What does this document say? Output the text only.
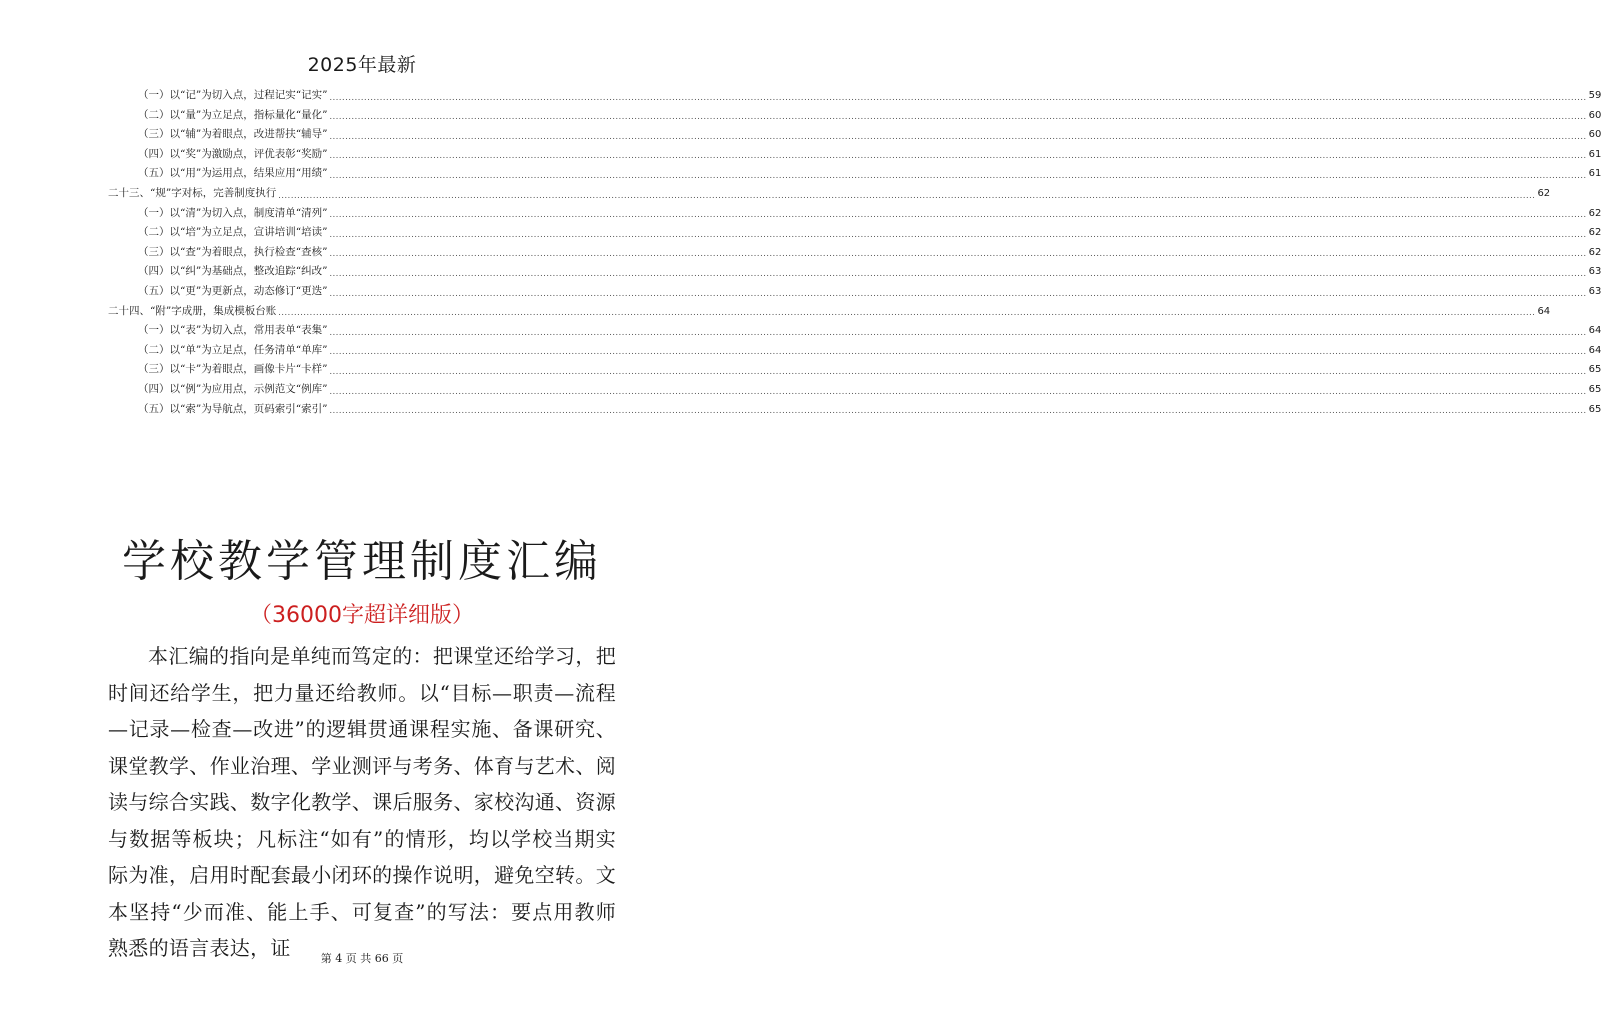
2025年最新
（一）以“记”为切入点，过程记实“记实” ................................................................................................................................................................................................................................................................................................................................................................................................................ 59
（二）以“量”为立足点，指标量化“量化” ................................................................................................................................................................................................................................................................................................................................................................................................................ 60
（三）以“辅”为着眼点，改进帮扶“辅导” ................................................................................................................................................................................................................................................................................................................................................................................................................ 60
（四）以“奖”为激励点，评优表彰“奖励” ................................................................................................................................................................................................................................................................................................................................................................................................................ 61
（五）以“用”为运用点，结果应用“用绩” ................................................................................................................................................................................................................................................................................................................................................................................................................ 61
二十三、“规”字对标，完善制度执行 ................................................................................................................................................................................................................................................................................................................................................................................................................ 62
（一）以“清”为切入点，制度清单“清列” ................................................................................................................................................................................................................................................................................................................................................................................................................ 62
（二）以“培”为立足点，宣讲培训“培读” ................................................................................................................................................................................................................................................................................................................................................................................................................ 62
（三）以“查”为着眼点，执行检查“查核” ................................................................................................................................................................................................................................................................................................................................................................................................................ 62
（四）以“纠”为基础点，整改追踪“纠改” ................................................................................................................................................................................................................................................................................................................................................................................................................ 63
（五）以“更”为更新点，动态修订“更迭” ................................................................................................................................................................................................................................................................................................................................................................................................................ 63
二十四、“附”字成册，集成模板台账 ................................................................................................................................................................................................................................................................................................................................................................................................................ 64
（一）以“表”为切入点，常用表单“表集” ................................................................................................................................................................................................................................................................................................................................................................................................................ 64
（二）以“单”为立足点，任务清单“单库” ................................................................................................................................................................................................................................................................................................................................................................................................................ 64
（三）以“卡”为着眼点，画像卡片“卡样” ................................................................................................................................................................................................................................................................................................................................................................................................................ 65
（四）以“例”为应用点，示例范文“例库” ................................................................................................................................................................................................................................................................................................................................................................................................................ 65
（五）以“索”为导航点，页码索引“索引” ................................................................................................................................................................................................................................................................................................................................................................................................................ 65
学校教学管理制度汇编
（36000字超详细版）

本汇编的指向是单纯而笃定的：把课堂还给学习，把时间还给学生，把力量还给教师。以“目标—职责—流程—记录—检查—改进”的逻辑贯通课程实施、备课研究、课堂教学、作业治理、学业测评与考务、体育与艺术、阅读与综合实践、数字化教学、课后服务、家校沟通、资源与数据等板块；凡标注“如有”的情形，均以学校当期实际为准，启用时配套最小闭环的操作说明，避免空转。文本坚持“少而准、能上手、可复查”的写法：要点用教师熟悉的语言表达，证	第 4 页 共 66 页
